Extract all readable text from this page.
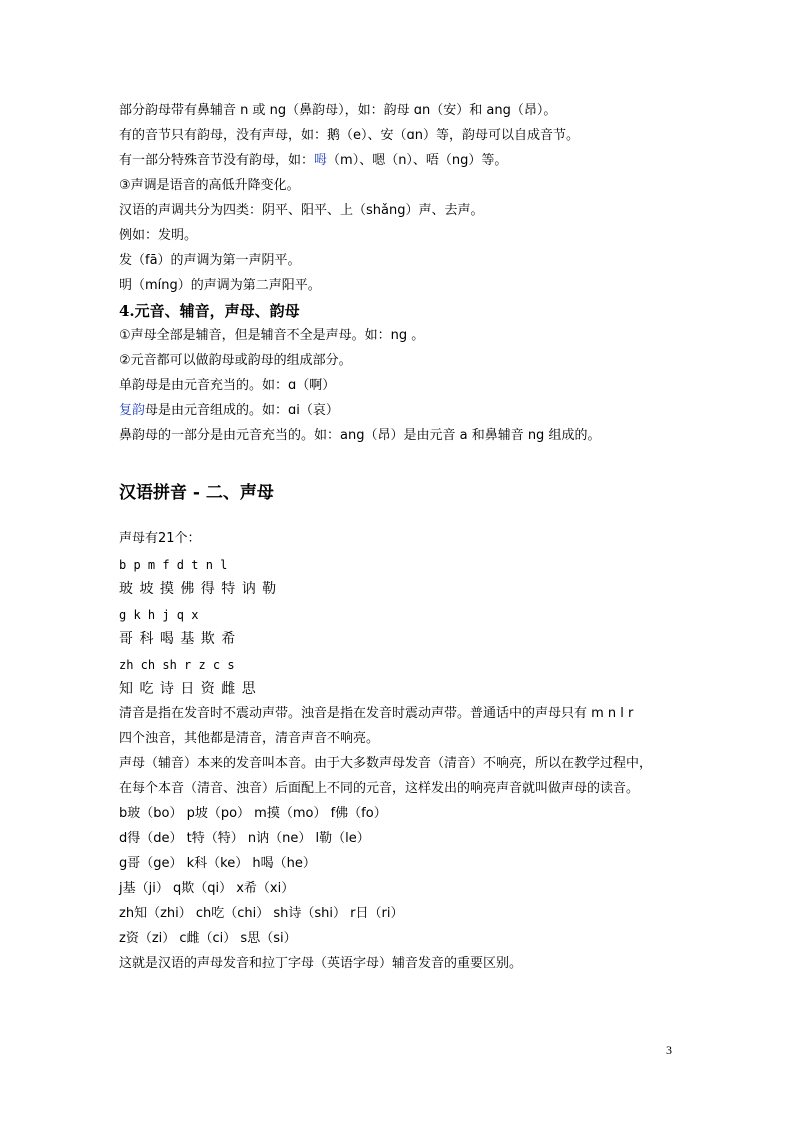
部分韵母带有鼻辅音 n 或 ng（鼻韵母），如：韵母 ɑn（安）和 ang（昂）。
有的音节只有韵母，没有声母，如：鹅（e）、安（ɑn）等，韵母可以自成音节。
有一部分特殊音节没有韵母，如：呣（m）、嗯（n）、唔（ng）等。
③声调是语音的高低升降变化。
汉语的声调共分为四类：阴平、阳平、上（shǎng）声、去声。
例如：发明。
发（fā）的声调为第一声阴平。
明（míng）的声调为第二声阳平。
4.元音、辅音，声母、韵母
①声母全部是辅音，但是辅音不全是声母。如：ng 。
②元音都可以做韵母或韵母的组成部分。
单韵母是由元音充当的。如：ɑ（啊）
复韵母是由元音组成的。如：ɑi（哀）
鼻韵母的一部分是由元音充当的。如：ang（昂）是由元音 a 和鼻辅音 ng 组成的。
汉语拼音 - 二、声母
声母有21个：
b p m f d t n l
玻 坡 摸 佛 得 特 讷 勒
g k h j q x
哥 科 喝 基 欺 希
zh ch sh r z c s
知 吃 诗 日 资 雌 思
清音是指在发音时不震动声带。浊音是指在发音时震动声带。普通话中的声母只有 m n l r
四个浊音，其他都是清音，清音声音不响亮。
声母（辅音）本来的发音叫本音。由于大多数声母发音（清音）不响亮，所以在教学过程中，
在每个本音（清音、浊音）后面配上不同的元音，这样发出的响亮声音就叫做声母的读音。
b玻（bo） p坡（po） m摸（mo） f佛（fo）
d得（de） t特（特） n讷（ne） l勒（le）
g哥（ge） k科（ke） h喝（he）
j基（ji） q欺（qi） x希（xi）
zh知（zhi） ch吃（chi） sh诗（shi） r日（ri）
z资（zi） c雌（ci） s思（si）
这就是汉语的声母发音和拉丁字母（英语字母）辅音发音的重要区别。
3
